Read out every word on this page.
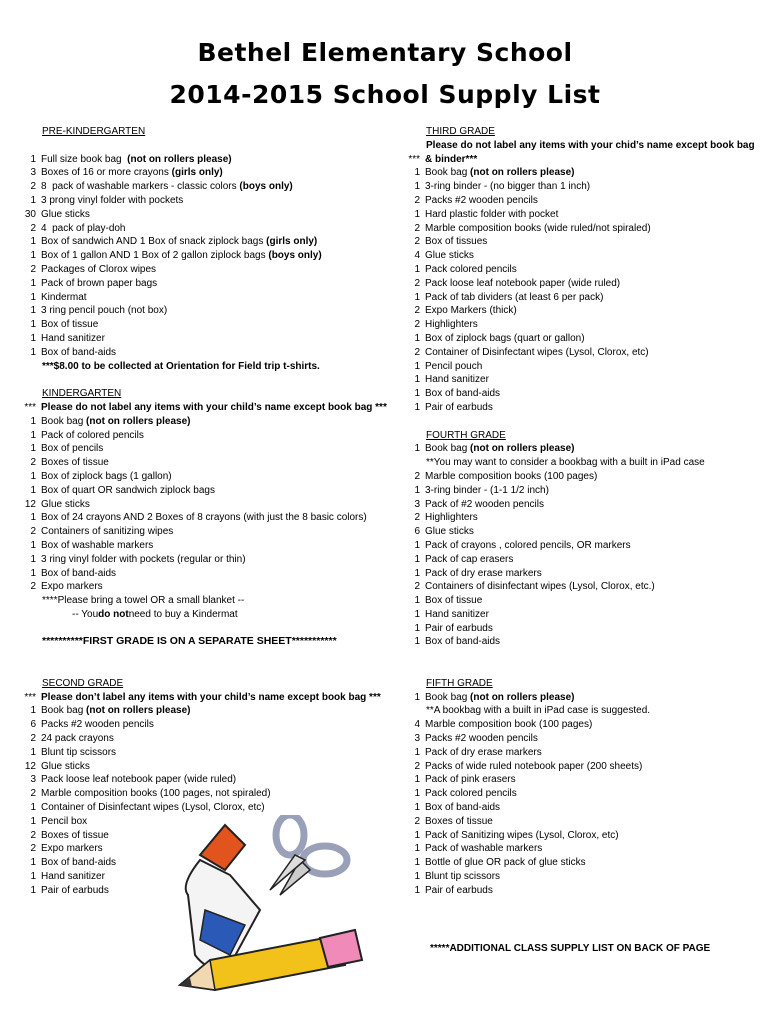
Bethel Elementary School
2014-2015 School Supply List
PRE-KINDERGARTEN
1 Full size book bag  (not on rollers please)
3 Boxes of 16 or more crayons (girls only)
2 8  pack of washable markers - classic colors (boys only)
1 3 prong vinyl folder with pockets
30 Glue sticks
2 4  pack of play-doh
1 Box of sandwich AND 1 Box of snack ziplock bags (girls only)
1 Box of 1 gallon AND 1 Box of 2 gallon ziplock bags (boys only)
2 Packages of Clorox wipes
1 Pack of brown paper bags
1 Kindermat
1 3 ring pencil pouch (not box)
1 Box of tissue
1 Hand sanitizer
1 Box of band-aids
***$8.00 to be collected at Orientation for Field trip t-shirts.
KINDERGARTEN
*** Please do not label any items with your child’s name except book bag ***
1 Book bag (not on rollers please)
1 Pack of colored pencils
1 Box of pencils
2 Boxes of tissue
1 Box of ziplock bags (1 gallon)
1 Box of quart OR sandwich ziplock bags
12 Glue sticks
1 Box of 24 crayons AND 2 Boxes of 8 crayons (with just the 8 basic colors)
2 Containers of sanitizing wipes
1 Box of washable markers
1 3 ring vinyl folder with pockets (regular or thin)
1 Box of band-aids
2 Expo markers
****Please bring a towel OR a small blanket --
-- You do not need to buy a Kindermat
**********FIRST GRADE IS ON A SEPARATE SHEET***********
SECOND GRADE
*** Please don’t label any items with your child’s name except book bag ***
1 Book bag (not on rollers please)
6 Packs #2 wooden pencils
2 24 pack crayons
1 Blunt tip scissors
12 Glue sticks
3 Pack loose leaf notebook paper (wide ruled)
2 Marble composition books (100 pages, not spiraled)
1 Container of Disinfectant wipes (Lysol, Clorox, etc)
1 Pencil box
2 Boxes of tissue
2 Expo markers
1 Box of band-aids
1 Hand sanitizer
1 Pair of earbuds
THIRD GRADE
Please do not label any items with your chid’s name except book bag
*** & binder***
1 Book bag (not on rollers please)
1 3-ring binder - (no bigger than 1 inch)
2 Packs #2 wooden pencils
1 Hard plastic folder with pocket
2 Marble composition books (wide ruled/not spiraled)
2 Box of tissues
4 Glue sticks
1 Pack colored pencils
2 Pack loose leaf notebook paper (wide ruled)
1 Pack of tab dividers (at least 6 per pack)
2 Expo Markers (thick)
2 Highlighters
1 Box of ziplock bags (quart or gallon)
2 Container of Disinfectant wipes (Lysol, Clorox, etc)
1 Pencil pouch
1 Hand sanitizer
1 Box of band-aids
1 Pair of earbuds
FOURTH GRADE
1 Book bag (not on rollers please)
**You may want to consider a bookbag with a built in iPad case
2 Marble composition books (100 pages)
1 3-ring binder - (1-1 1/2 inch)
3 Pack of #2 wooden pencils
2 Highlighters
6 Glue sticks
1 Pack of crayons , colored pencils, OR markers
1 Pack of cap erasers
1 Pack of dry erase markers
2 Containers of disinfectant wipes (Lysol, Clorox, etc.)
1 Box of tissue
1 Hand sanitizer
1 Pair of earbuds
1 Box of band-aids
FIFTH GRADE
1 Book bag (not on rollers please)
**A bookbag with a built in iPad case is suggested.
4 Marble composition book (100 pages)
3 Packs #2 wooden pencils
1 Pack of dry erase markers
2 Packs of wide ruled notebook paper (200 sheets)
1 Pack of pink erasers
1 Pack colored pencils
1 Box of band-aids
2 Boxes of tissue
1 Pack of Sanitizing wipes (Lysol, Clorox, etc)
1 Pack of washable markers
1 Bottle of glue OR pack of glue sticks
1 Blunt tip scissors
1 Pair of earbuds
*****ADDITIONAL CLASS SUPPLY LIST ON BACK OF PAGE
